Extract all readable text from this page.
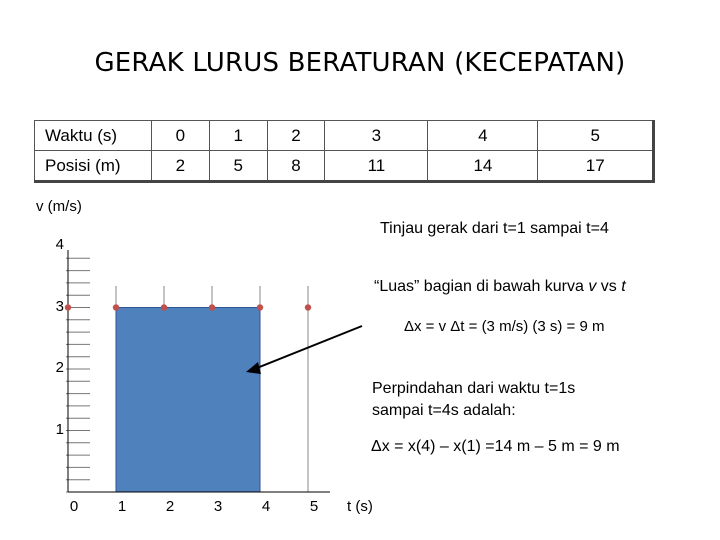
GERAK LURUS BERATURAN (KECEPATAN)
Waktu (s)	0	1	2	3	4	5
Posisi (m)	2	5	8	11	14	17
v (m/s)
1
2
3
4
0	1	2	3	4	5	t (s)
Tinjau gerak dari t=1 sampai t=4
“Luas” bagian di bawah kurva v vs t
Δx = v Δt = (3 m/s) (3 s) = 9 m
Perpindahan dari waktu t=1s
sampai t=4s adalah:
Δx = x(4) – x(1) =14 m – 5 m = 9 m
